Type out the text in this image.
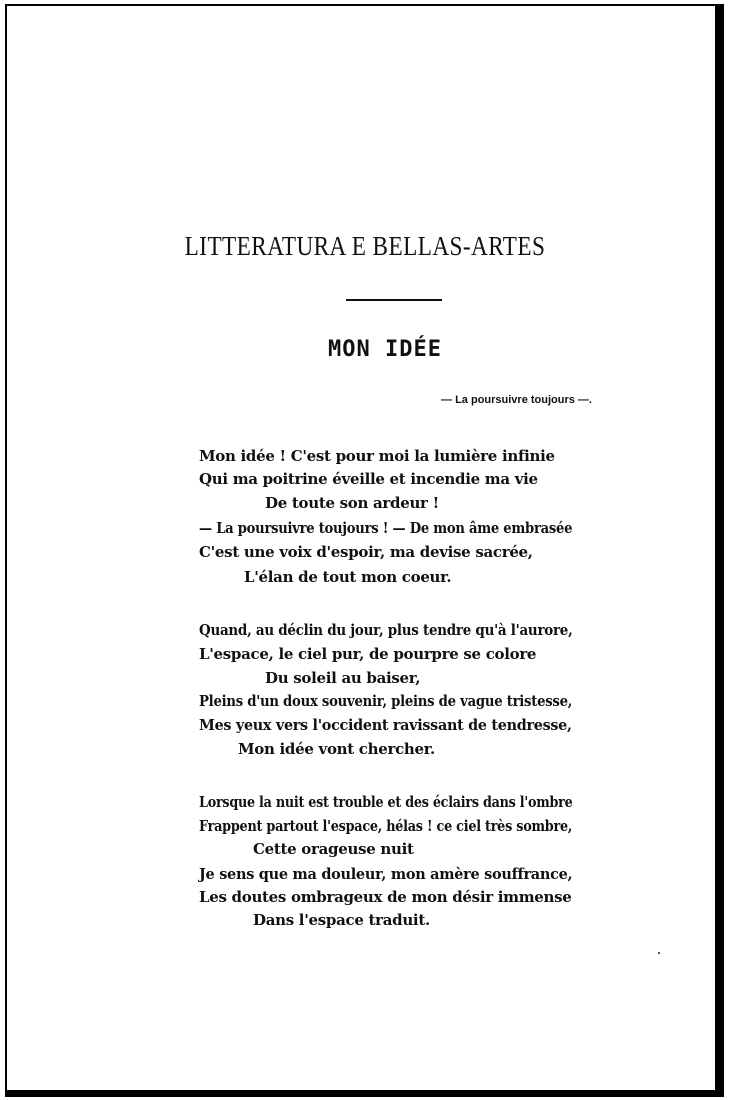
LITTERATURA E BELLAS-ARTES
MON IDÉE
— La poursuivre toujours —.
Mon idée ! C'est pour moi la lumière infinie
Qui ma poitrine éveille et incendie ma vie
De toute son ardeur !
— La poursuivre toujours ! — De mon âme embrasée
C'est une voix d'espoir, ma devise sacrée,
L'élan de tout mon coeur.
Quand, au déclin du jour, plus tendre qu'à l'aurore,
L'espace, le ciel pur, de pourpre se colore
Du soleil au baiser,
Pleins d'un doux souvenir, pleins de vague tristesse,
Mes yeux vers l'occident ravissant de tendresse,
Mon idée vont chercher.
Lorsque la nuit est trouble et des éclairs dans l'ombre
Frappent partout l'espace, hélas ! ce ciel très sombre,
Cette orageuse nuit
Je sens que ma douleur, mon amère souffrance,
Les doutes ombrageux de mon désir immense
Dans l'espace traduit.
